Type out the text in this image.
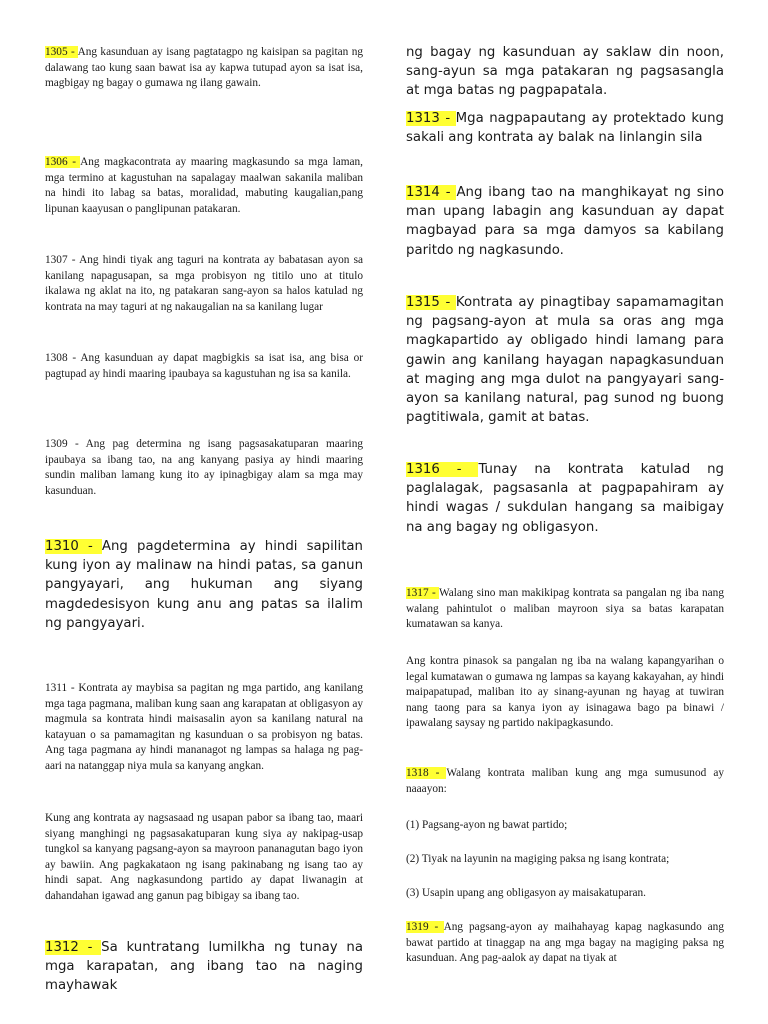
1305 - Ang kasunduan ay isang pagtatagpo ng kaisipan sa pagitan ng dalawang tao kung saan bawat isa ay kapwa tutupad ayon sa isat isa, magbigay ng bagay o gumawa ng ilang gawain.

1306 - Ang magkacontrata ay maaring magkasundo sa mga laman, mga termino at kagustuhan na sapalagay maalwan sakanila maliban na hindi ito labag sa batas, moralidad, mabuting kaugalian,pang lipunan kaayusan o panglipunan patakaran.

1307 - Ang hindi tiyak ang taguri na kontrata ay babatasan ayon sa kanilang napagusapan, sa mga probisyon ng titilo uno at titulo ikalawa ng aklat na ito, ng patakaran sang-ayon sa halos katulad ng kontrata na may taguri at ng nakaugalian na sa kanilang lugar

1308 - Ang kasunduan ay dapat magbigkis sa isat isa, ang bisa or pagtupad ay hindi maaring ipaubaya sa kagustuhan ng isa sa kanila.

1309 - Ang pag determina ng isang pagsasakatuparan maaring ipaubaya sa ibang tao, na ang kanyang pasiya ay hindi maaring sundin maliban lamang kung ito ay ipinagbigay alam sa mga may kasunduan.

1310 - Ang pagdetermina ay hindi sapilitan kung iyon ay malinaw na hindi patas, sa ganun pangyayari, ang hukuman ang siyang magdedesisyon kung anu ang patas sa ilalim ng pangyayari.

1311 - Kontrata ay maybisa sa pagitan ng mga partido, ang kanilang mga taga pagmana, maliban kung saan ang karapatan at obligasyon ay magmula sa kontrata hindi maisasalin ayon sa kanilang natural na katayuan o sa pamamagitan ng kasunduan o sa probisyon ng batas. Ang taga pagmana ay hindi mananagot ng lampas sa halaga ng pag-aari na natanggap niya mula sa kanyang angkan.

Kung ang kontrata ay nagsasaad ng usapan pabor sa ibang tao, maari siyang manghingi ng pagsasakatuparan kung siya ay nakipag-usap tungkol sa kanyang pagsang-ayon sa mayroon pananagutan bago iyon ay bawiin. Ang pagkakataon ng isang pakinabang ng isang tao ay hindi sapat. Ang nagkasundong partido ay dapat liwanagin at dahandahan igawad ang ganun pag bibigay sa ibang tao.

1312 - Sa kuntratang lumilkha ng tunay na mga karapatan, ang ibang tao na naging mayhawak

ng bagay ng kasunduan ay saklaw din noon, sang-ayun sa mga patakaran ng pagsasangla at mga batas ng pagpapatala.

1313 - Mga nagpapautang ay protektado kung sakali ang kontrata ay balak na linlangin sila

1314 - Ang ibang tao na manghikayat ng sino man upang labagin ang kasunduan ay dapat magbayad para sa mga damyos sa kabilang paritdo ng nagkasundo.

1315 - Kontrata ay pinagtibay sapamamagitan ng pagsang-ayon at mula sa oras ang mga magkapartido ay obligado hindi lamang para gawin ang kanilang hayagan napagkasunduan at maging ang mga dulot na pangyayari sang-ayon sa kanilang natural, pag sunod ng buong pagtitiwala, gamit at batas.

1316 - Tunay na kontrata katulad ng paglalagak, pagsasanla at pagpapahiram ay hindi wagas / sukdulan hangang sa maibigay na ang bagay ng obligasyon.

1317 - Walang sino man makikipag kontrata sa pangalan ng iba nang walang pahintulot o maliban mayroon siya sa batas karapatan kumatawan sa kanya.

Ang kontra pinasok sa pangalan ng iba na walang kapangyarihan o legal kumatawan o gumawa ng lampas sa kayang kakayahan, ay hindi maipapatupad, maliban ito ay sinang-ayunan ng hayag at tuwiran nang taong para sa kanya iyon ay isinagawa bago pa binawi / ipawalang saysay ng partido nakipagkasundo.

1318 - Walang kontrata maliban kung ang mga sumusunod ay naaayon:

(1) Pagsang-ayon ng bawat partido;

(2) Tiyak na layunin na magiging paksa ng isang kontrata;

(3) Usapin upang ang obligasyon ay maisakatuparan.

1319 - Ang pagsang-ayon ay maihahayag kapag nagkasundo ang bawat partido at tinaggap na ang mga bagay na magiging paksa ng kasunduan. Ang pag-aalok ay dapat na tiyak at
